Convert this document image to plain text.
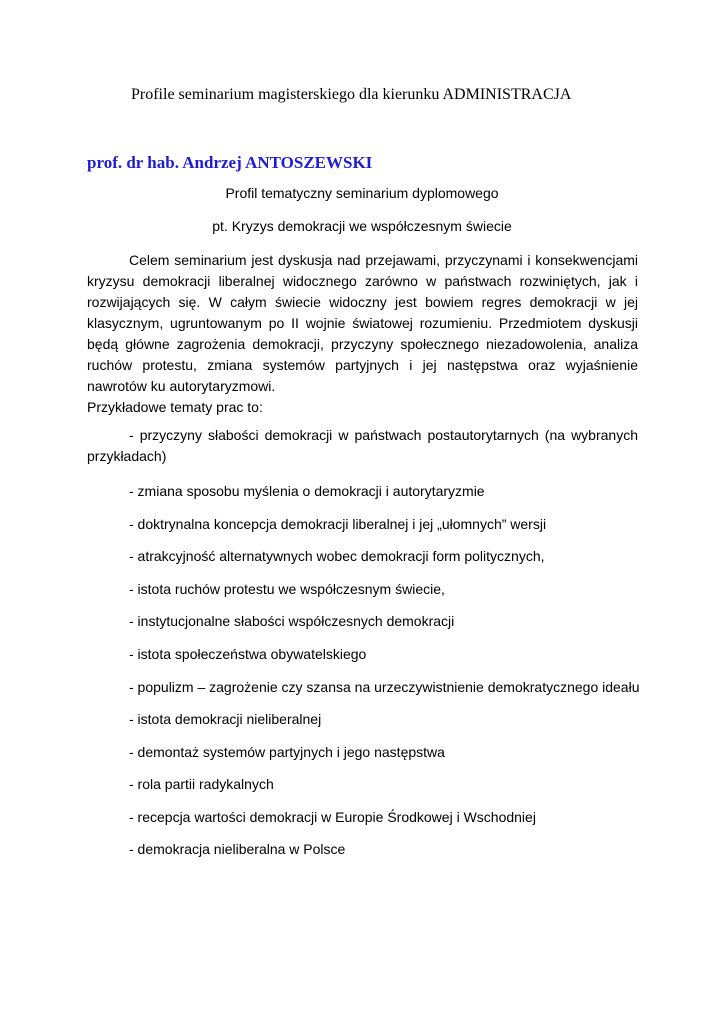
Profile seminarium magisterskiego dla kierunku ADMINISTRACJA
prof. dr hab. Andrzej ANTOSZEWSKI
Profil tematyczny seminarium dyplomowego
pt. Kryzys demokracji we współczesnym świecie
Celem seminarium jest dyskusja nad przejawami, przyczynami i konsekwencjami kryzysu demokracji liberalnej widocznego zarówno w państwach rozwiniętych, jak i rozwijających się. W całym świecie widoczny jest bowiem regres demokracji w jej klasycznym, ugruntowanym po II wojnie światowej rozumieniu. Przedmiotem dyskusji będą główne zagrożenia demokracji, przyczyny społecznego niezadowolenia, analiza ruchów protestu, zmiana systemów partyjnych i jej następstwa oraz wyjaśnienie nawrotów ku autorytaryzmowi.
Przykładowe tematy prac to:
- przyczyny słabości demokracji w państwach postautorytarnych (na wybranych przykładach)
- zmiana sposobu myślenia o demokracji i autorytaryzmie
- doktrynalna koncepcja demokracji liberalnej i jej „ułomnych” wersji
- atrakcyjność alternatywnych wobec demokracji form politycznych,
- istota ruchów protestu we współczesnym świecie,
- instytucjonalne słabości współczesnych demokracji
- istota społeczeństwa obywatelskiego
- populizm – zagrożenie czy szansa na urzeczywistnienie demokratycznego ideału
- istota demokracji nieliberalnej
- demontaż systemów partyjnych i jego następstwa
- rola partii radykalnych
- recepcja wartości demokracji w Europie Środkowej i Wschodniej
- demokracja nieliberalna w Polsce
